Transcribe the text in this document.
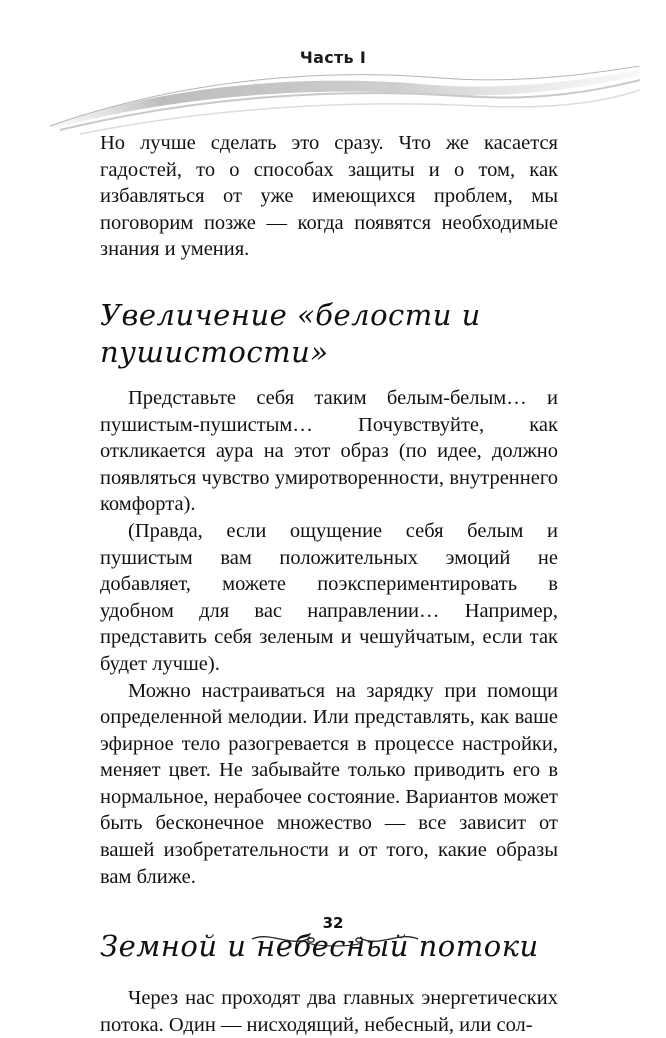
Часть I

Но лучше сделать это сразу. Что же касается гадостей, то о способах защиты и о том, как избавляться от уже имеющихся проблем, мы поговорим позже — когда появятся необходимые знания и умения.

Увеличение «белости и пушистости»

Представьте себя таким белым-белым… и пушистым-пушистым… Почувствуйте, как откликается аура на этот образ (по идее, должно появляться чувство умиротворенности, внутреннего комфорта).

(Правда, если ощущение себя белым и пушистым вам положительных эмоций не добавляет, можете поэкспериментировать в удобном для вас направлении… Например, представить себя зеленым и чешуйчатым, если так будет лучше).

Можно настраиваться на зарядку при помощи определенной мелодии. Или представлять, как ваше эфирное тело разогревается в процессе настройки, меняет цвет. Не забывайте только приводить его в нормальное, нерабочее состояние. Вариантов может быть бесконечное множество — все зависит от вашей изобретательности и от того, какие образы вам ближе.

Земной и небесный потоки

Через нас проходят два главных энергетических потока. Один — нисходящий, небесный, или сол-

32
